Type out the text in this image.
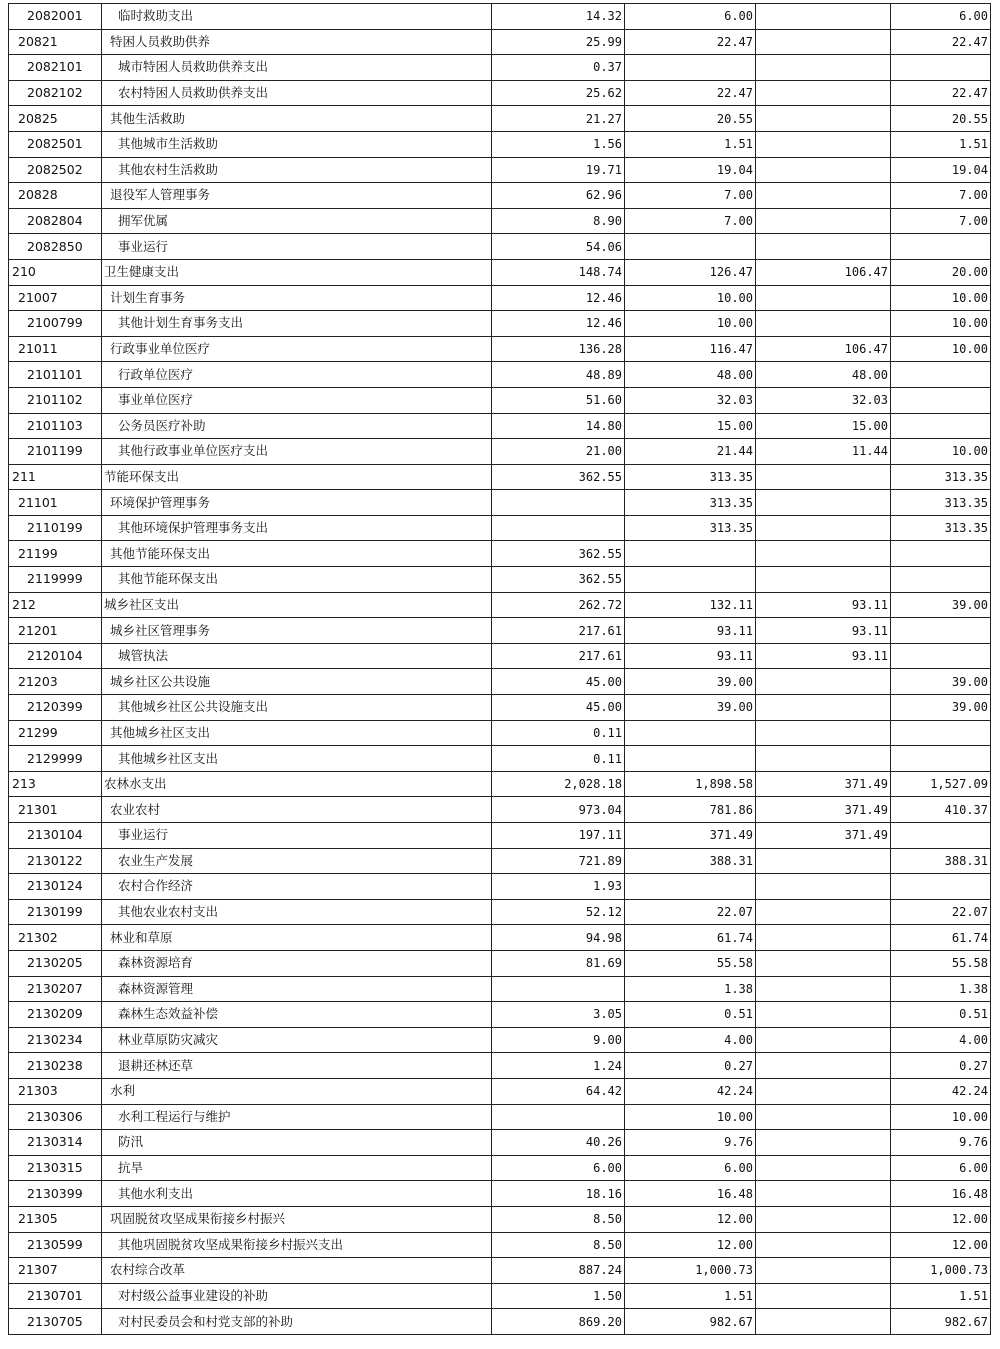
2082001	临时救助支出	14.32	6.00		6.00
20821	特困人员救助供养	25.99	22.47		22.47
2082101	城市特困人员救助供养支出	0.37			
2082102	农村特困人员救助供养支出	25.62	22.47		22.47
20825	其他生活救助	21.27	20.55		20.55
2082501	其他城市生活救助	1.56	1.51		1.51
2082502	其他农村生活救助	19.71	19.04		19.04
20828	退役军人管理事务	62.96	7.00		7.00
2082804	拥军优属	8.90	7.00		7.00
2082850	事业运行	54.06			
210	卫生健康支出	148.74	126.47	106.47	20.00
21007	计划生育事务	12.46	10.00		10.00
2100799	其他计划生育事务支出	12.46	10.00		10.00
21011	行政事业单位医疗	136.28	116.47	106.47	10.00
2101101	行政单位医疗	48.89	48.00	48.00	
2101102	事业单位医疗	51.60	32.03	32.03	
2101103	公务员医疗补助	14.80	15.00	15.00	
2101199	其他行政事业单位医疗支出	21.00	21.44	11.44	10.00
211	节能环保支出	362.55	313.35		313.35
21101	环境保护管理事务		313.35		313.35
2110199	其他环境保护管理事务支出		313.35		313.35
21199	其他节能环保支出	362.55			
2119999	其他节能环保支出	362.55			
212	城乡社区支出	262.72	132.11	93.11	39.00
21201	城乡社区管理事务	217.61	93.11	93.11	
2120104	城管执法	217.61	93.11	93.11	
21203	城乡社区公共设施	45.00	39.00		39.00
2120399	其他城乡社区公共设施支出	45.00	39.00		39.00
21299	其他城乡社区支出	0.11			
2129999	其他城乡社区支出	0.11			
213	农林水支出	2,028.18	1,898.58	371.49	1,527.09
21301	农业农村	973.04	781.86	371.49	410.37
2130104	事业运行	197.11	371.49	371.49	
2130122	农业生产发展	721.89	388.31		388.31
2130124	农村合作经济	1.93			
2130199	其他农业农村支出	52.12	22.07		22.07
21302	林业和草原	94.98	61.74		61.74
2130205	森林资源培育	81.69	55.58		55.58
2130207	森林资源管理		1.38		1.38
2130209	森林生态效益补偿	3.05	0.51		0.51
2130234	林业草原防灾减灾	9.00	4.00		4.00
2130238	退耕还林还草	1.24	0.27		0.27
21303	水利	64.42	42.24		42.24
2130306	水利工程运行与维护		10.00		10.00
2130314	防汛	40.26	9.76		9.76
2130315	抗旱	6.00	6.00		6.00
2130399	其他水利支出	18.16	16.48		16.48
21305	巩固脱贫攻坚成果衔接乡村振兴	8.50	12.00		12.00
2130599	其他巩固脱贫攻坚成果衔接乡村振兴支出	8.50	12.00		12.00
21307	农村综合改革	887.24	1,000.73		1,000.73
2130701	对村级公益事业建设的补助	1.50	1.51		1.51
2130705	对村民委员会和村党支部的补助	869.20	982.67		982.67
